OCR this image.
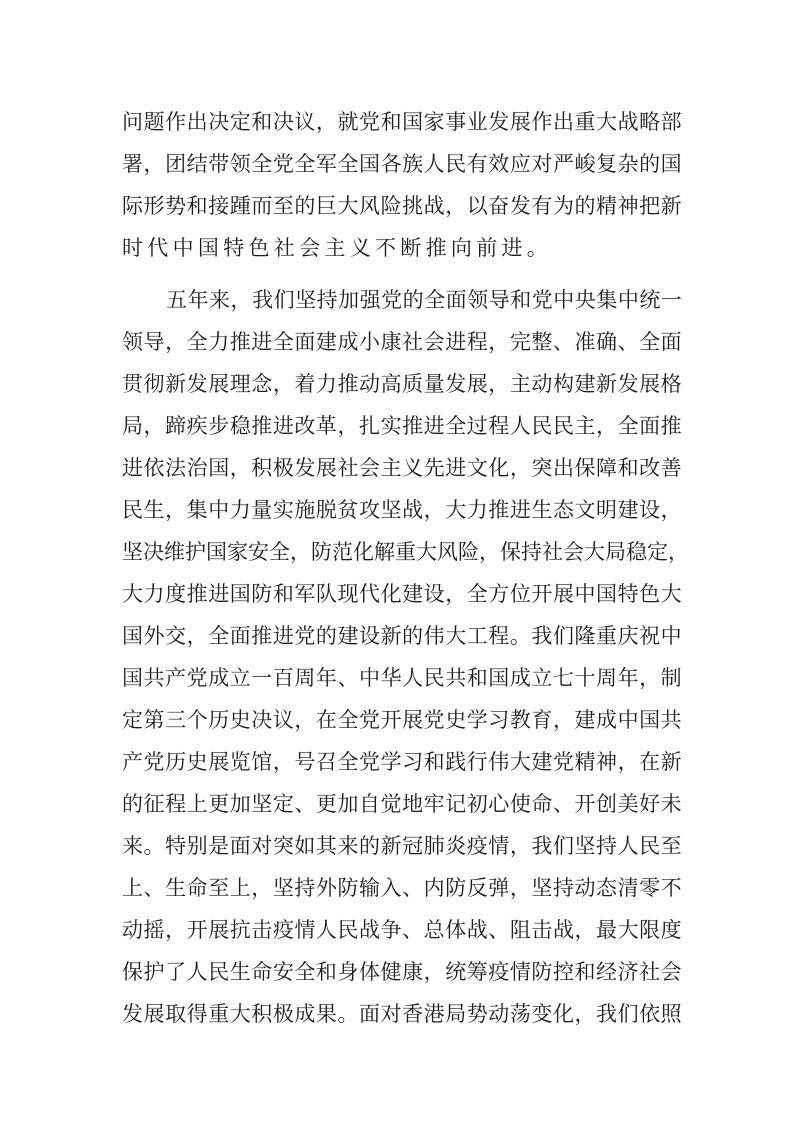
问 题 作 出 决 定 和 决 议 ， 就 党 和 国 家 事 业 发 展 作 出 重 大 战 略 部
署 ， 团 结 带 领 全 党 全 军 全 国 各 族 人 民 有 效 应 对 严 峻 复 杂 的 国
际 形 势 和 接 踵 而 至 的 巨 大 风 险 挑 战 ， 以 奋 发 有 为 的 精 神 把 新
时代中国特色社会主义不断推向前进。
五 年 来 ， 我 们 坚 持 加 强 党 的 全 面 领 导 和 党 中 央 集 中 统 一
领 导 ， 全 力 推 进 全 面 建 成 小 康 社 会 进 程 ， 完 整 、 准 确 、 全 面
贯 彻 新 发 展 理 念 ， 着 力 推 动 高 质 量 发 展 ， 主 动 构 建 新 发 展 格
局 ， 蹄 疾 步 稳 推 进 改 革 ， 扎 实 推 进 全 过 程 人 民 民 主 ， 全 面 推
进 依 法 治 国 ， 积 极 发 展 社 会 主 义 先 进 文 化 ， 突 出 保 障 和 改 善
民 生 ， 集 中 力 量 实 施 脱 贫 攻 坚 战 ， 大 力 推 进 生 态 文 明 建 设 ，
坚 决 维 护 国 家 安 全 ， 防 范 化 解 重 大 风 险 ， 保 持 社 会 大 局 稳 定 ，
大 力 度 推 进 国 防 和 军 队 现 代 化 建 设 ， 全 方 位 开 展 中 国 特 色 大
国 外 交 ， 全 面 推 进 党 的 建 设 新 的 伟 大 工 程 。 我 们 隆 重 庆 祝 中
国 共 产 党 成 立 一 百 周 年 、 中 华 人 民 共 和 国 成 立 七 十 周 年 ， 制
定 第 三 个 历 史 决 议 ， 在 全 党 开 展 党 史 学 习 教 育 ， 建 成 中 国 共
产 党 历 史 展 览 馆 ， 号 召 全 党 学 习 和 践 行 伟 大 建 党 精 神 ， 在 新
的 征 程 上 更 加 坚 定 、 更 加 自 觉 地 牢 记 初 心 使 命 、 开 创 美 好 未
来 。 特 别 是 面 对 突 如 其 来 的 新 冠 肺 炎 疫 情 ， 我 们 坚 持 人 民 至
上 、 生 命 至 上 ， 坚 持 外 防 输 入 、 内 防 反 弹 ， 坚 持 动 态 清 零 不
动 摇 ， 开 展 抗 击 疫 情 人 民 战 争 、 总 体 战 、 阻 击 战 ， 最 大 限 度
保 护 了 人 民 生 命 安 全 和 身 体 健 康 ， 统 筹 疫 情 防 控 和 经 济 社 会
发 展 取 得 重 大 积 极 成 果 。 面 对 香 港 局 势 动 荡 变 化 ， 我 们 依 照
